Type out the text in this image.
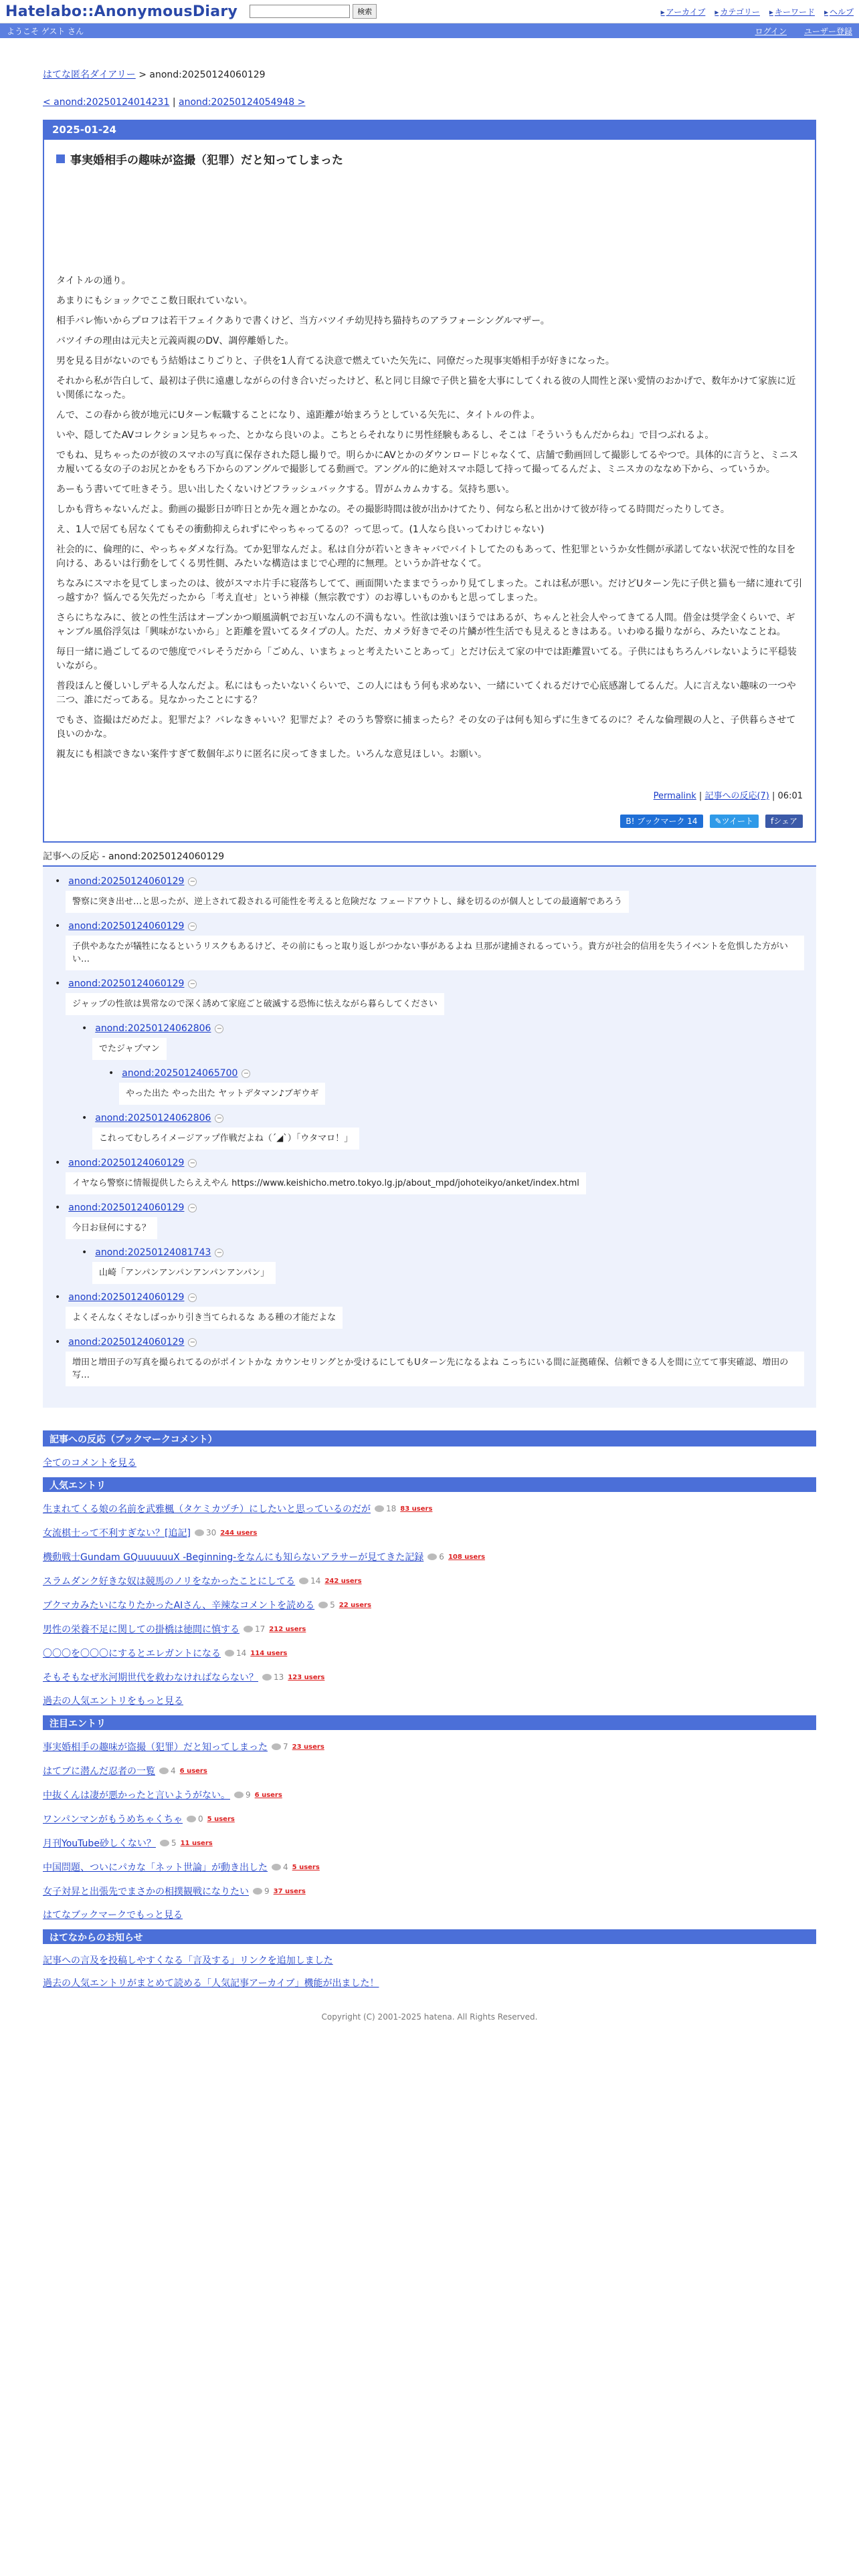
Hatelabo::AnonymousDiary	検索	▸ アーカイブ	▸ カテゴリー	▸ キーワード	▸ ヘルプ
ようこそ ゲスト さん	ログイン ユーザー登録
はてな匿名ダイアリー > anond:20250124060129
< anond:20250124014231 | anond:20250124054948 >
2025-01-24
事実婚相手の趣味が盗撮（犯罪）だと知ってしまった

タイトルの通り。

あまりにもショックでここ数日眠れていない。

相手バレ怖いからプロフは若干フェイクありで書くけど、当方バツイチ幼児持ち猫持ちのアラフォーシングルマザー。

バツイチの理由は元夫と元義両親のDV、調停離婚した。

男を見る目がないのでもう結婚はこりごりと、子供を1人育てる決意で燃えていた矢先に、同僚だった現事実婚相手が好きになった。

それから私が告白して、最初は子供に遠慮しながらの付き合いだったけど、私と同じ目線で子供と猫を大事にしてくれる彼の人間性と深い愛情のおかげで、数年かけて家族に近い関係になった。

んで、この春から彼が地元にUターン転職することになり、遠距離が始まろうとしている矢先に、タイトルの件よ。

いや、隠してたAVコレクション見ちゃった、とかなら良いのよ。こちとらそれなりに男性経験もあるし、そこは「そういうもんだからね」で目つぶれるよ。

でもね、見ちゃったのが彼のスマホの写真に保存された隠し撮りで。明らかにAVとかのダウンロードじゃなくて、店舗で動画回して撮影してるやつで。具体的に言うと、ミニスカ履いてる女の子のお尻とかをもろ下からのアングルで撮影してる動画で。アングル的に絶対スマホ隠して持って撮ってるんだよ、ミニスカのななめ下から、っていうか。

あーもう書いてて吐きそう。思い出したくないけどフラッシュバックする。胃がムカムカする。気持ち悪い。

しかも背ちゃないんだよ。動画の撮影日が昨日とか先々週とかなの。その撮影時間は彼が出かけてたり、何なら私と出かけて彼が待ってる時間だったりしてさ。

え、1人で居ても居なくてもその衝動抑えられずにやっちゃってるの？って思って。(1人なら良いってわけじゃない)

社会的に、倫理的に、やっちゃダメな行為。てか犯罪なんだよ。私は自分が若いときキャバでバイトしてたのもあって、性犯罪というか女性側が承諾してない状況で性的な目を向ける、あるいは行動をしてくる男性側、みたいな構造はまじで心理的に無理。というか許せなくて。

ちなみにスマホを見てしまったのは、彼がスマホ片手に寝落ちしてて、画面開いたままでうっかり見てしまった。これは私が悪い。だけどUターン先に子供と猫も一緒に連れて引っ越すか？悩んでる矢先だったから「考え直せ」という神様（無宗教です）のお導しいものかもと思ってしまった。

さらにちなみに、彼との性生活はオープンかつ順風満帆でお互いなんの不満もない。性欲は強いほうではあるが、ちゃんと社会人やってきてる人間。借金は奨学金くらいで、ギャンブル風俗浮気は「興味がないから」と距離を置いてるタイプの人。ただ、カメラ好きでその片鱗が性生活でも見えるときはある。いわゆる撮りながら、みたいなことね。

毎日一緒に過ごしてるので態度でバレそうだから「ごめん、いまちょっと考えたいことあって」とだけ伝えて家の中では距離置いてる。子供にはもちろんバレないように平穏装いながら。

普段ほんと優しいしデキる人なんだよ。私にはもったいないくらいで、この人にはもう何も求めない、一緒にいてくれるだけで心底感謝してるんだ。人に言えない趣味の一つや二つ、誰にだってある。見なかったことにする？

でもさ、盗撮はだめだよ。犯罪だよ？バレなきゃいい？犯罪だよ？そのうち警察に捕まったら？その女の子は何も知らずに生きてるのに？そんな倫理観の人と、子供暮らさせて良いのかな。

親友にも相談できない案件すぎて数個年ぶりに匿名に戻ってきました。いろんな意見ほしい。お願い。

Permalink | 記事への反応(7) | 06:01
B! ブックマーク 14	✎ツイート	fシェア
記事への反応 - anond:20250124060129
• anond:20250124060129 −
警察に突き出せ…と思ったが、逆上されて殺される可能性を考えると危険だな フェードアウトし、縁を切るのが個人としての最適解であろう
• anond:20250124060129 −
子供やあなたが犠牲になるというリスクもあるけど、その前にもっと取り返しがつかない事があるよね 旦那が逮捕されるっていう。貴方が社会的信用を失うイベントを危惧した方がいい…
• anond:20250124060129 −
ジャップの性欲は異常なので深く誘めて家庭ごと破滅する恐怖に怯えながら暮らしてください
• anond:20250124062806 −
でたジャプマン
• anond:20250124065700 −
やった出た やった出た ヤットデタマン♪ブギウギ
• anond:20250124062806 −
これってむしろイメージアップ作戦だよね（´◢`）「ウタマロ！」
• anond:20250124060129 −
イヤなら警察に情報提供したらええやん https://www.keishicho.metro.tokyo.lg.jp/about_mpd/johoteikyo/anket/index.html
• anond:20250124060129 −
今日お昼何にする？
• anond:20250124081743 −
山崎「アンパンアンパンアンパンアンパン」
• anond:20250124060129 −
よくそんなくそなしばっかり引き当てられるな ある種の才能だよな
• anond:20250124060129 −
増田と増田子の写真を撮られてるのがポイントかな カウンセリングとか受けるにしてもUターン先になるよね こっちにいる間に証拠確保、信頼できる人を間に立てて事実確認、増田の写…
記事への反応（ブックマークコメント）
全てのコメントを見る
人気エントリ
生まれてくる娘の名前を武雅楓（タケミカヅチ）にしたいと思っているのだが 18 83 users
女流棋士って不利すぎない？[追記] 30 244 users
機動戦士Gundam GQuuuuuuX -Beginning-をなんにも知らないアラサーが見てきた記録 6 108 users
スラムダンク好きな奴は競馬のノリをなかったことにしてる 14 242 users
ブクマカみたいになりたかったAIさん、辛辣なコメントを読める 5 22 users
男性の栄養不足に関しての掛橋は徳間に慎する 17 212 users
〇〇〇を〇〇〇にするとエレガントになる 14 114 users
そもそもなぜ氷河期世代を救わなければならない？ 13 123 users
過去の人気エントリをもっと見る
注目エントリ
事実婚相手の趣味が盗撮（犯罪）だと知ってしまった 7 23 users
はてブに潜んだ忍者の一覧 4 6 users
中抜くんは凄が悪かったと言いようがない。 9 6 users
ワンパンマンがもうめちゃくちゃ 0 5 users
月刊YouTube砂しくない？ 5 11 users
中国問題、ついにパカな「ネット世論」が動き出した 4 5 users
女子対昇と出張先でまさかの相撲観戦になりたい 9 37 users
はてなブックマークでもっと見る
はてなからのお知らせ
記事への言及を投稿しやすくなる「言及する」リンクを追加しました
過去の人気エントリがまとめて読める「人気記事アーカイブ」機能が出ました！
Copyright (C) 2001-2025 hatena. All Rights Reserved.
